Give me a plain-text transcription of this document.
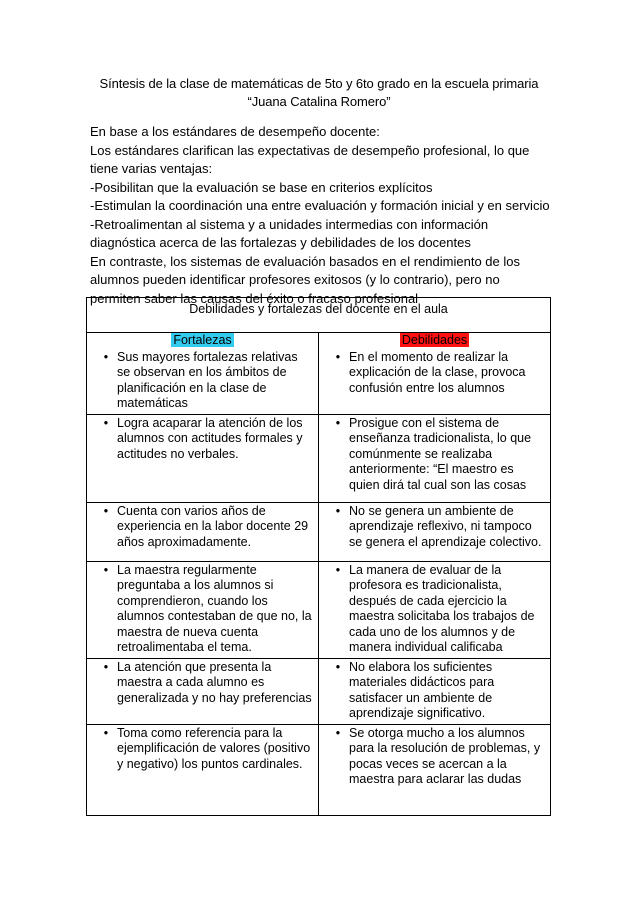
Síntesis de la clase de matemáticas de 5to y 6to grado en la escuela primaria
“Juana Catalina Romero”
En base a los estándares de desempeño docente:
Los estándares clarifican las expectativas de desempeño profesional, lo que
tiene varias ventajas:
-Posibilitan que la evaluación se base en criterios explícitos
-Estimulan la coordinación una entre evaluación y formación inicial y en servicio
-Retroalimentan al sistema y a unidades intermedias con información
diagnóstica acerca de las fortalezas y debilidades de los docentes
En contraste, los sistemas de evaluación basados en el rendimiento de los
alumnos pueden identificar profesores exitosos (y lo contrario), pero no
permiten saber las causas del éxito o fracaso profesional
Debilidades y fortalezas del docente en el aula	
Fortalezas	Debilidades

• Sus mayores fortalezas relativas se observan en los ámbitos de planificación en la clase de matemáticas	• En el momento de realizar la explicación de la clase, provoca confusión entre los alumnos

• Logra acaparar la atención de los alumnos con actitudes formales y actitudes no verbales.	• Prosigue con el sistema de enseñanza tradicionalista, lo que comúnmente se realizaba anteriormente: “El maestro es quien dirá tal cual son las cosas

• Cuenta con varios años de experiencia en la labor docente 29 años aproximadamente.	• No se genera un ambiente de aprendizaje reflexivo, ni tampoco se genera el aprendizaje colectivo.

• La maestra regularmente preguntaba a los alumnos si comprendieron, cuando los alumnos contestaban de que no, la maestra de nueva cuenta retroalimentaba el tema.	• La manera de evaluar de la profesora es tradicionalista, después de cada ejercicio la maestra solicitaba los trabajos de cada uno de los alumnos y de manera individual calificaba

• La atención que presenta la maestra a cada alumno es generalizada y no hay preferencias	• No elabora los suficientes materiales didácticos para satisfacer un ambiente de aprendizaje significativo.

• Toma como referencia para la ejemplificación de valores (positivo y negativo) los puntos cardinales.	• Se otorga mucho a los alumnos para la resolución de problemas, y pocas veces se acercan a la maestra para aclarar las dudas
